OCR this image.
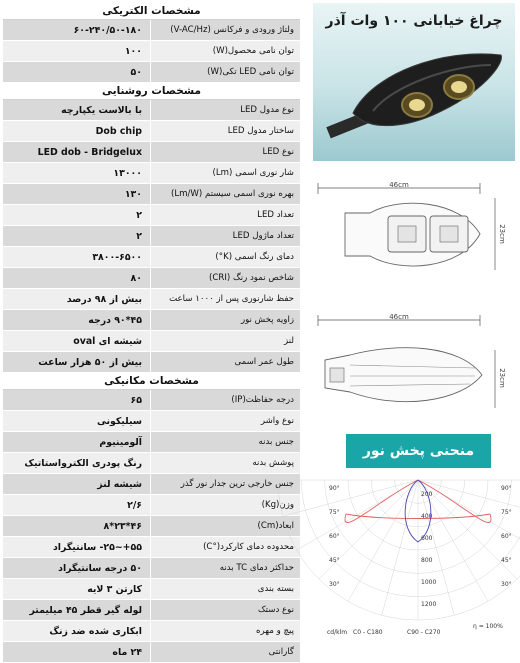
مشخصات الکتریکی
ولتاژ ورودی و فرکانس (V-AC/Hz)
۶۰-۲۴۰/۵۰-۱۸۰
توان نامی محصول(W)
۱۰۰
توان نامی LED تکی(W)
۵۰
مشخصات روشنایی
نوع مدول LED
با بالاست یکپارچه
ساختار مدول LED
Dob chip
نوع LED
LED dob - Bridgelux
شار نوری اسمی (Lm)
۱۳۰۰۰
بهره نوری اسمی سیستم (Lm/W)
۱۳۰
تعداد LED
۲
تعداد ماژول LED
۲
دمای رنگ اسمی (K°)
۳۸۰۰-۶۵۰۰
شاخص نمود رنگ (CRI)
۸۰
حفظ شارنوری پس از ۱۰۰۰ ساعت
بیش از ۹۸ درصد
زاویه پخش نور
۴۵*۹۰ درجه
لنز
شیشه ای oval
طول عمر اسمی
بیش از ۵۰ هزار ساعت
مشخصات مکانیکی
درجه حفاظت(IP)
۶۵
نوع واشر
سیلیکونی
جنس بدنه
آلومینیوم
پوشش بدنه
رنگ پودری الکترواستاتیک
جنس خارجی ترین جدار نور گذر
شیشه لنز
وزن(Kg)
۲/۶
ابعاد(Cm)
۴۶*۲۳*۸
محدوده دمای کارکرد(°C)
۵۵+~۲۵- سانتیگراد
حداکثر دمای TC بدنه
۵۰ درجه سانتیگراد
بسته بندی
کارتن ۳ لایه
نوع دستک
لوله گیر قطر ۴۵ میلیمتر
پیچ و مهره
ابکاری شده ضد زنگ
گارانتی
۲۴ ماه
چراغ خیابانی ۱۰۰ وات آذر
46cm
23cm
46cm
23cm
منحنی پخش نور
cd/klm C0 - C180	C90 - C270
η = 100%
90°	90°
75°	75°
60°	60°
45°	45°
30°	30°
200
400
600
800
1000
1200
